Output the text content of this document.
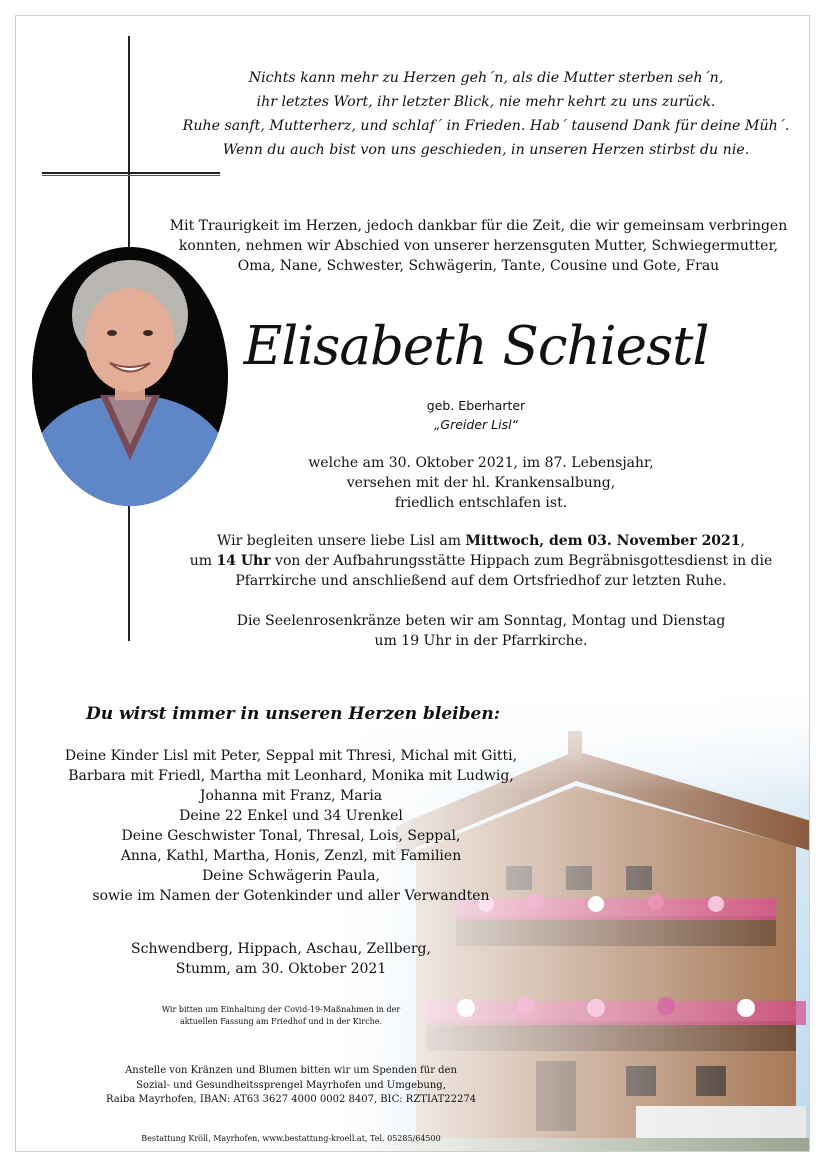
Nichts kann mehr zu Herzen geh´n, als die Mutter sterben seh´n,
ihr letztes Wort, ihr letzter Blick, nie mehr kehrt zu uns zurück.
Ruhe sanft, Mutterherz, und schlaf´ in Frieden. Hab´ tausend Dank für deine Müh´.
Wenn du auch bist von uns geschieden, in unseren Herzen stirbst du nie.
Mit Traurigkeit im Herzen, jedoch dankbar für die Zeit, die wir gemeinsam verbringen
konnten, nehmen wir Abschied von unserer herzensguten Mutter, Schwiegermutter,
Oma, Nane, Schwester, Schwägerin, Tante, Cousine und Gote, Frau
Elisabeth Schiestl
geb. Eberharter
„Greider Lisl“
welche am 30. Oktober 2021, im 87. Lebensjahr,
versehen mit der hl. Krankensalbung,
friedlich entschlafen ist.
Wir begleiten unsere liebe Lisl am Mittwoch, dem 03. November 2021,
um 14 Uhr von der Aufbahrungsstätte Hippach zum Begräbnisgottesdienst in die
Pfarrkirche und anschließend auf dem Ortsfriedhof zur letzten Ruhe.
Die Seelenrosenkränze beten wir am Sonntag, Montag und Dienstag
um 19 Uhr in der Pfarrkirche.
Du wirst immer in unseren Herzen bleiben:
Deine Kinder Lisl mit Peter, Seppal mit Thresi, Michal mit Gitti,
Barbara mit Friedl, Martha mit Leonhard, Monika mit Ludwig,
Johanna mit Franz, Maria
Deine 22 Enkel und 34 Urenkel
Deine Geschwister Tonal, Thresal, Lois, Seppal,
Anna, Kathl, Martha, Honis, Zenzl, mit Familien
Deine Schwägerin Paula,
sowie im Namen der Gotenkinder und aller Verwandten
Schwendberg, Hippach, Aschau, Zellberg,
Stumm, am 30. Oktober 2021
Wir bitten um Einhaltung der Covid-19-Maßnahmen in der
aktuellen Fassung am Friedhof und in der Kirche.
Anstelle von Kränzen und Blumen bitten wir um Spenden für den
Sozial- und Gesundheitssprengel Mayrhofen und Umgebung,
Raiba Mayrhofen, IBAN: AT63 3627 4000 0002 8407, BIC: RZTIAT22274
Bestattung Kröll, Mayrhofen, www.bestattung-kroell.at, Tel. 05285/64500
